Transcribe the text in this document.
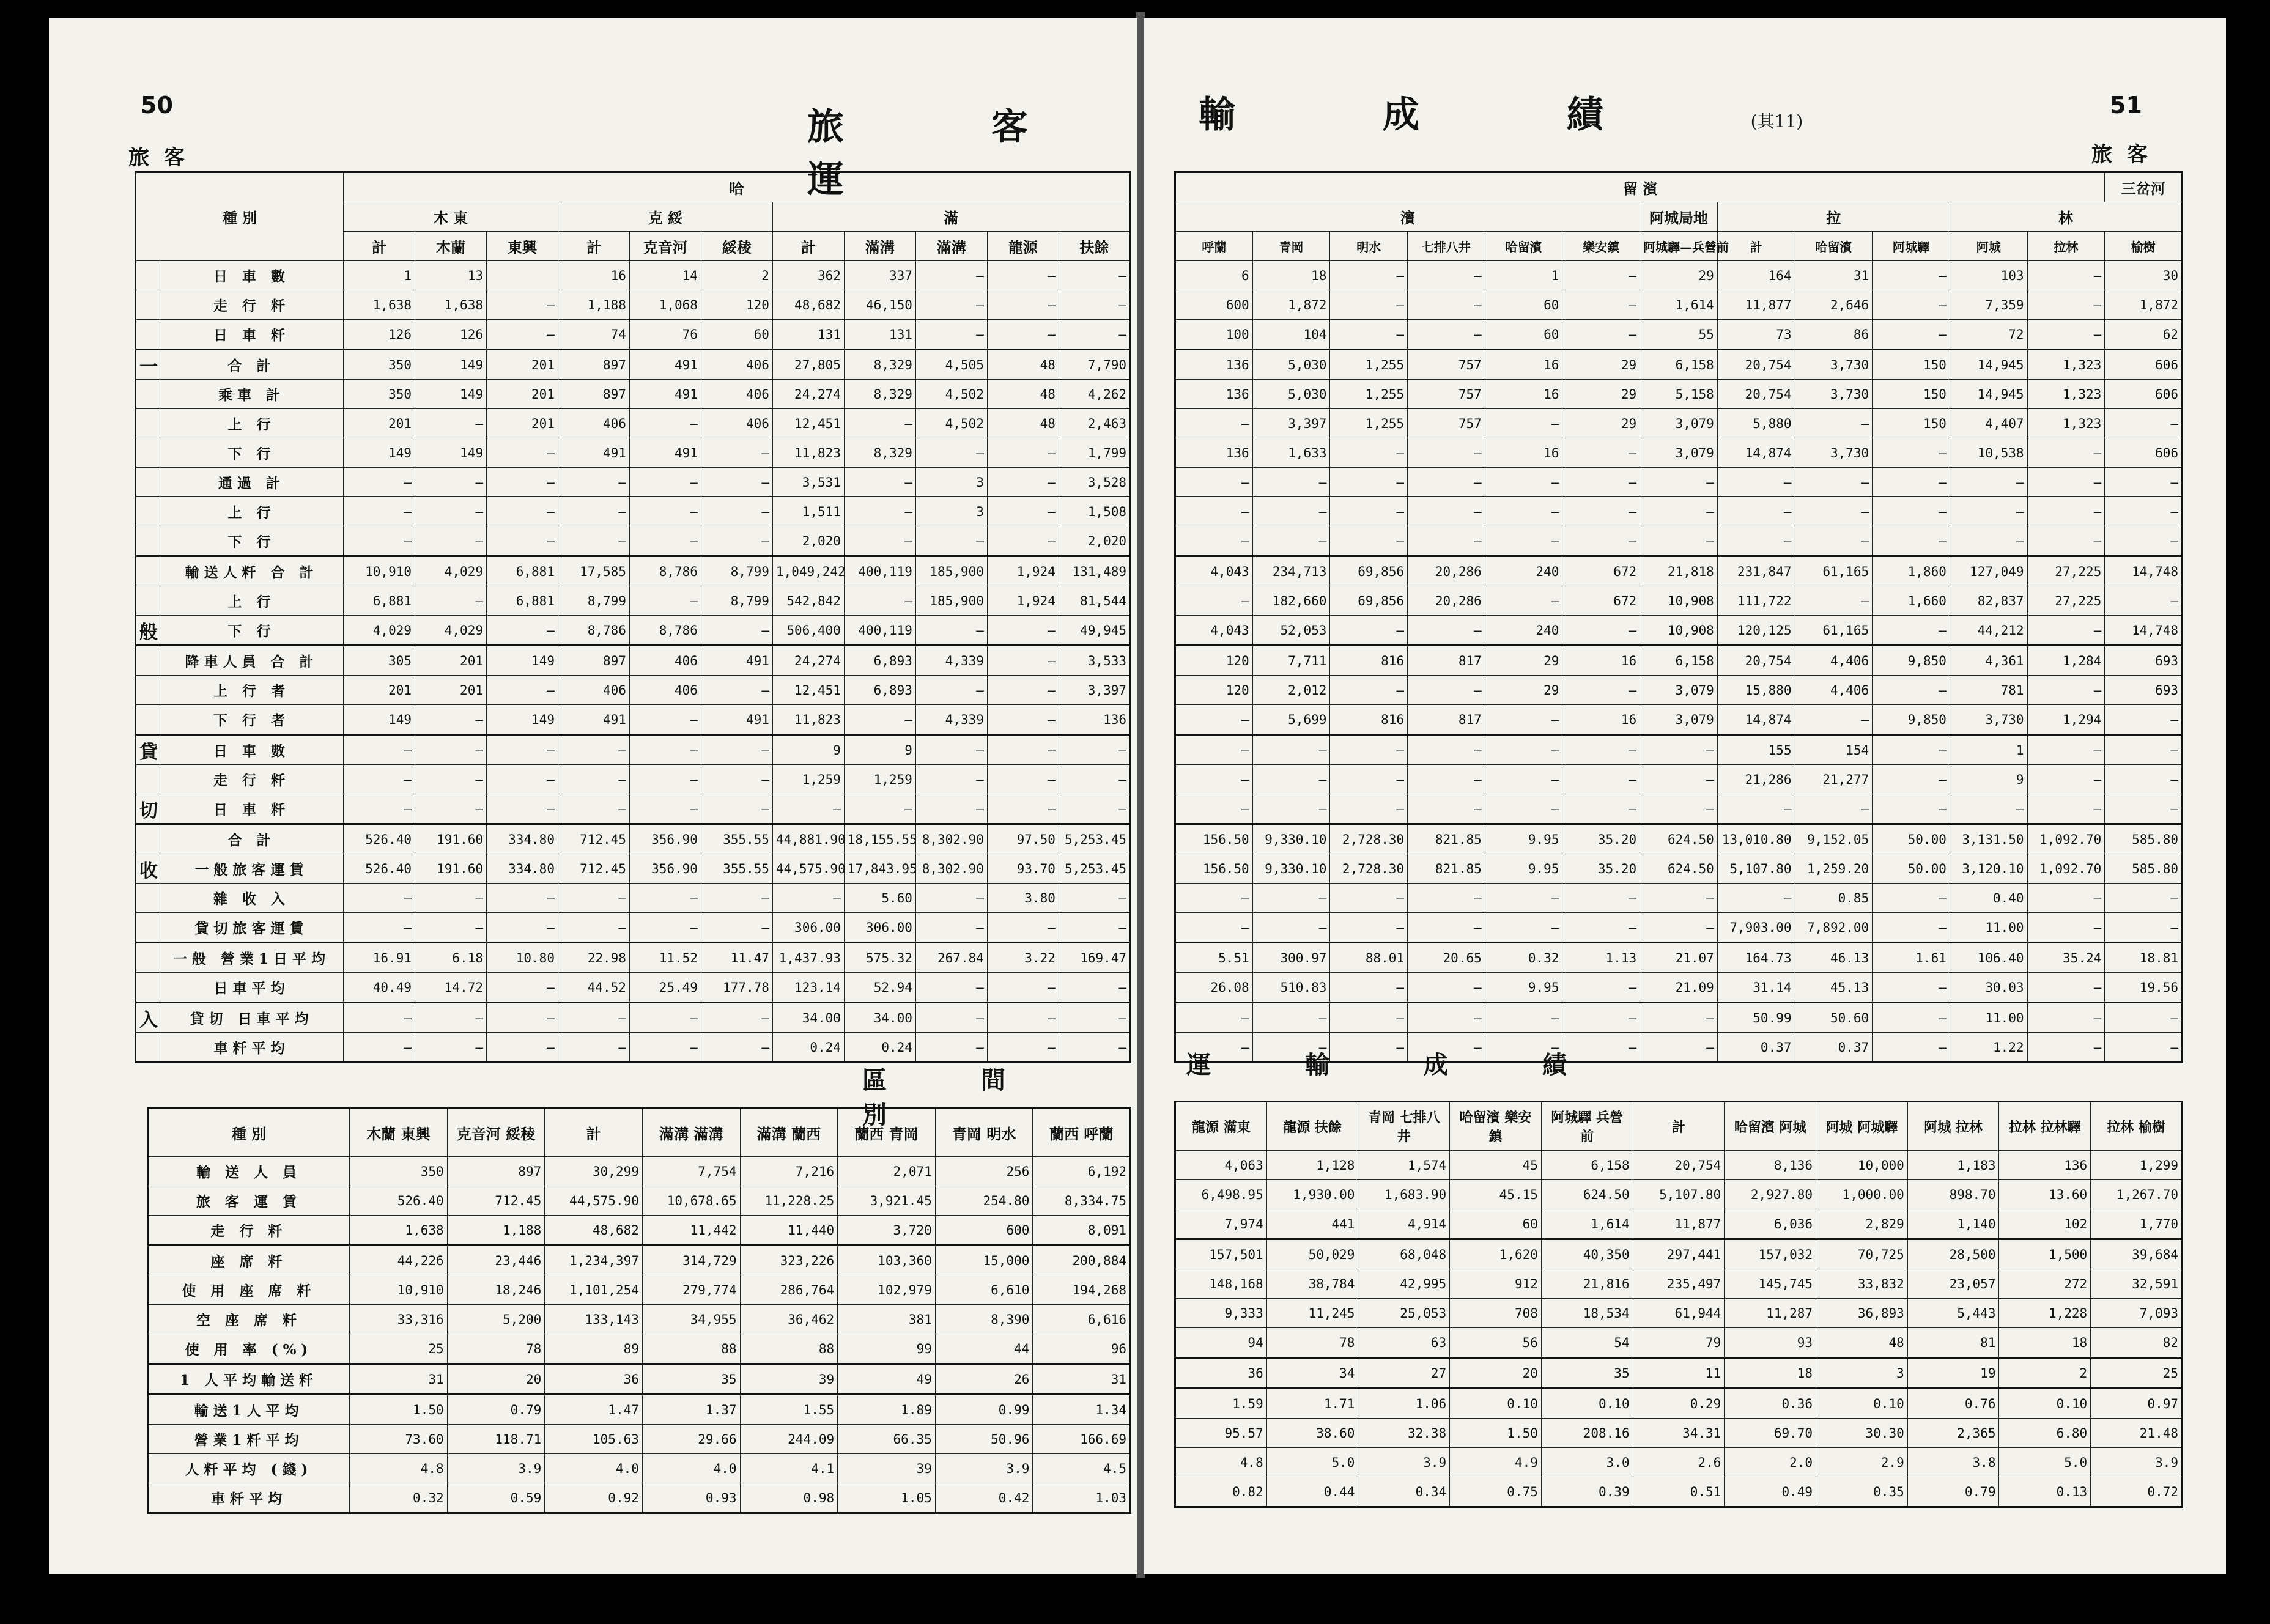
50
旅 客
旅 客 運
種 別		哈										
		木 東			克 綏			滿				
		計	木蘭	東興	計	克音河	綏稜	計	滿溝	滿溝	龍源	扶餘
	日 車 數	1	13		16	14	2	362	337	—	—	—
	走 行 粁	1,638	1,638	—	1,188	1,068	120	48,682	46,150	—	—	—
	日 車 粁	126	126	—	74	76	60	131	131	—	—	—
一	合 計	350	149	201	897	491	406	27,805	8,329	4,505	48	7,790
	乘車 計	350	149	201	897	491	406	24,274	8,329	4,502	48	4,262
	上 行	201	—	201	406	—	406	12,451	—	4,502	48	2,463
	下 行	149	149	—	491	491	—	11,823	8,329	—	—	1,799
	通過 計	—	—	—	—	—	—	3,531	—	3	—	3,528
	上 行	—	—	—	—	—	—	1,511	—	3	—	1,508
	下 行	—	—	—	—	—	—	2,020	—	—	—	2,020
	輸送人粁 合 計	10,910	4,029	6,881	17,585	8,786	8,799	1,049,242	400,119	185,900	1,924	131,489
	上 行	6,881	—	6,881	8,799	—	8,799	542,842	—	185,900	1,924	81,544
般	下 行	4,029	4,029	—	8,786	8,786	—	506,400	400,119	—	—	49,945
	降車人員 合 計	305	201	149	897	406	491	24,274	6,893	4,339	—	3,533
	上 行 者	201	201	—	406	406	—	12,451	6,893	—	—	3,397
	下 行 者	149	—	149	491	—	491	11,823	—	4,339	—	136
貸	日 車 數	—	—	—	—	—	—	9	9	—	—	—
	走 行 粁	—	—	—	—	—	—	1,259	1,259	—	—	—
切	日 車 粁	—	—	—	—	—	—	—	—	—	—	—
	合 計	526.40	191.60	334.80	712.45	356.90	355.55	44,881.90	18,155.55	8,302.90	97.50	5,253.45
收	一般旅客運賃	526.40	191.60	334.80	712.45	356.90	355.55	44,575.90	17,843.95	8,302.90	93.70	5,253.45
	雜 收 入	—	—	—	—	—	—	—	5.60	—	3.80	—
	貸切旅客運賃	—	—	—	—	—	—	306.00	306.00	—	—	—
	一般 營業1日平均	16.91	6.18	10.80	22.98	11.52	11.47	1,437.93	575.32	267.84	3.22	169.47
	日車平均	40.49	14.72	—	44.52	25.49	177.78	123.14	52.94	—	—	—
入	貸切 日車平均	—	—	—	—	—	—	34.00	34.00	—	—	—
	車粁平均	—	—	—	—	—	—	0.24	0.24	—	—	—
區 間 別
種 別	木蘭 東興	克音河 綏稜	計	滿溝 滿溝	滿溝 蘭西	蘭西 青岡	青岡 明水	蘭西 呼蘭
輸 送 人 員	350	897	30,299	7,754	7,216	2,071	256	6,192
旅 客 運 賃	526.40	712.45	44,575.90	10,678.65	11,228.25	3,921.45	254.80	8,334.75
走 行 粁	1,638	1,188	48,682	11,442	11,440	3,720	600	8,091
座 席 粁	44,226	23,446	1,234,397	314,729	323,226	103,360	15,000	200,884
使 用 座 席 粁	10,910	18,246	1,101,254	279,774	286,764	102,979	6,610	194,268
空 座 席 粁	33,316	5,200	133,143	34,955	36,462	381	8,390	6,616
使 用 率 (%)	25	78	89	88	88	99	44	96
1 人平均輸送粁	31	20	36	35	39	49	26	31
輸送1人平均	1.50	0.79	1.47	1.37	1.55	1.89	0.99	1.34
營業1粁平均	73.60	118.71	105.63	29.66	244.09	66.35	50.96	166.69
人粁平均 (錢)	4.8	3.9	4.0	4.0	4.1	39	3.9	4.5
車粁平均	0.32	0.59	0.92	0.93	0.98	1.05	0.42	1.03
輸 成 績	(其11)
51
旅 客
留 濱												三岔河
濱						阿城局地	拉			林		
呼蘭	青岡	明水	七排八井	哈留濱	樂安鎮	阿城驛—兵營前	計	哈留濱	阿城驛	阿城	拉林	榆樹
6	18	—	—	1	—	29	164	31	—	103	—	30
600	1,872	—	—	60	—	1,614	11,877	2,646	—	7,359	—	1,872
100	104	—	—	60	—	55	73	86	—	72	—	62
136	5,030	1,255	757	16	29	6,158	20,754	3,730	150	14,945	1,323	606
136	5,030	1,255	757	16	29	5,158	20,754	3,730	150	14,945	1,323	606
—	3,397	1,255	757	—	29	3,079	5,880	—	150	4,407	1,323	—
136	1,633	—	—	16	—	3,079	14,874	3,730	—	10,538	—	606
—	—	—	—	—	—	—	—	—	—	—	—	—
—	—	—	—	—	—	—	—	—	—	—	—	—
—	—	—	—	—	—	—	—	—	—	—	—	—
4,043	234,713	69,856	20,286	240	672	21,818	231,847	61,165	1,860	127,049	27,225	14,748
—	182,660	69,856	20,286	—	672	10,908	111,722	—	1,660	82,837	27,225	—
4,043	52,053	—	—	240	—	10,908	120,125	61,165	—	44,212	—	14,748
120	7,711	816	817	29	16	6,158	20,754	4,406	9,850	4,361	1,284	693
120	2,012	—	—	29	—	3,079	15,880	4,406	—	781	—	693
—	5,699	816	817	—	16	3,079	14,874	—	9,850	3,730	1,294	—
—	—	—	—	—	—	—	155	154	—	1	—	—
—	—	—	—	—	—	—	21,286	21,277	—	9	—	—
—	—	—	—	—	—	—	—	—	—	—	—	—
156.50	9,330.10	2,728.30	821.85	9.95	35.20	624.50	13,010.80	9,152.05	50.00	3,131.50	1,092.70	585.80
156.50	9,330.10	2,728.30	821.85	9.95	35.20	624.50	5,107.80	1,259.20	50.00	3,120.10	1,092.70	585.80
—	—	—	—	—	—	—	—	0.85	—	0.40	—	—
—	—	—	—	—	—	—	7,903.00	7,892.00	—	11.00	—	—
5.51	300.97	88.01	20.65	0.32	1.13	21.07	164.73	46.13	1.61	106.40	35.24	18.81
26.08	510.83	—	—	9.95	—	21.09	31.14	45.13	—	30.03	—	19.56
—	—	—	—	—	—	—	50.99	50.60	—	11.00	—	—
—	—	—	—	—	—	—	0.37	0.37	—	1.22	—	—
運 輸 成 績
龍源 滿東	龍源 扶餘	青岡 七排八井	哈留濱 樂安鎮	阿城驛 兵營前	計	哈留濱 阿城	阿城 阿城驛	阿城 拉林	拉林 拉林驛	拉林 榆樹
4,063	1,128	1,574	45	6,158	20,754	8,136	10,000	1,183	136	1,299
6,498.95	1,930.00	1,683.90	45.15	624.50	5,107.80	2,927.80	1,000.00	898.70	13.60	1,267.70
7,974	441	4,914	60	1,614	11,877	6,036	2,829	1,140	102	1,770
157,501	50,029	68,048	1,620	40,350	297,441	157,032	70,725	28,500	1,500	39,684
148,168	38,784	42,995	912	21,816	235,497	145,745	33,832	23,057	272	32,591
9,333	11,245	25,053	708	18,534	61,944	11,287	36,893	5,443	1,228	7,093
94	78	63	56	54	79	93	48	81	18	82
36	34	27	20	35	11	18	3	19	2	25
1.59	1.71	1.06	0.10	0.10	0.29	0.36	0.10	0.76	0.10	0.97
95.57	38.60	32.38	1.50	208.16	34.31	69.70	30.30	2,365	6.80	21.48
4.8	5.0	3.9	4.9	3.0	2.6	2.0	2.9	3.8	5.0	3.9
0.82	0.44	0.34	0.75	0.39	0.51	0.49	0.35	0.79	0.13	0.72
